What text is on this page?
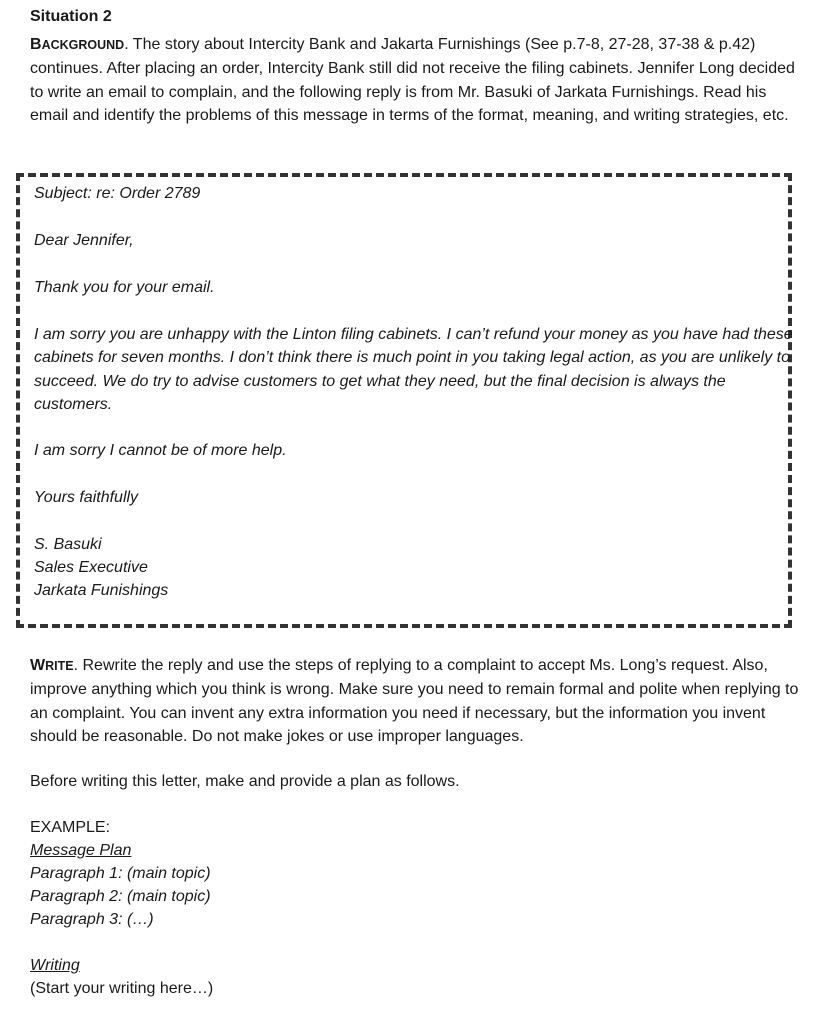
Situation 2
BACKGROUND. The story about Intercity Bank and Jakarta Furnishings (See p.7-8, 27-28, 37-38 & p.42) continues. After placing an order, Intercity Bank still did not receive the filing cabinets. Jennifer Long decided to write an email to complain, and the following reply is from Mr. Basuki of Jarkata Furnishings. Read his email and identify the problems of this message in terms of the format, meaning, and writing strategies, etc.
Subject: re: Order 2789
Dear Jennifer,
Thank you for your email.
I am sorry you are unhappy with the Linton filing cabinets. I can’t refund your money as you have had these cabinets for seven months. I don’t think there is much point in you taking legal action, as you are unlikely to succeed. We do try to advise customers to get what they need, but the final decision is always the customers.
I am sorry I cannot be of more help.
Yours faithfully
S. Basuki
Sales Executive
Jarkata Funishings
WRITE. Rewrite the reply and use the steps of replying to a complaint to accept Ms. Long’s request. Also, improve anything which you think is wrong. Make sure you need to remain formal and polite when replying to an complaint. You can invent any extra information you need if necessary, but the information you invent should be reasonable. Do not make jokes or use improper languages.
Before writing this letter, make and provide a plan as follows.
EXAMPLE:
Message Plan
Paragraph 1: (main topic)
Paragraph 2: (main topic)
Paragraph 3: (…)
Writing
(Start your writing here…)
